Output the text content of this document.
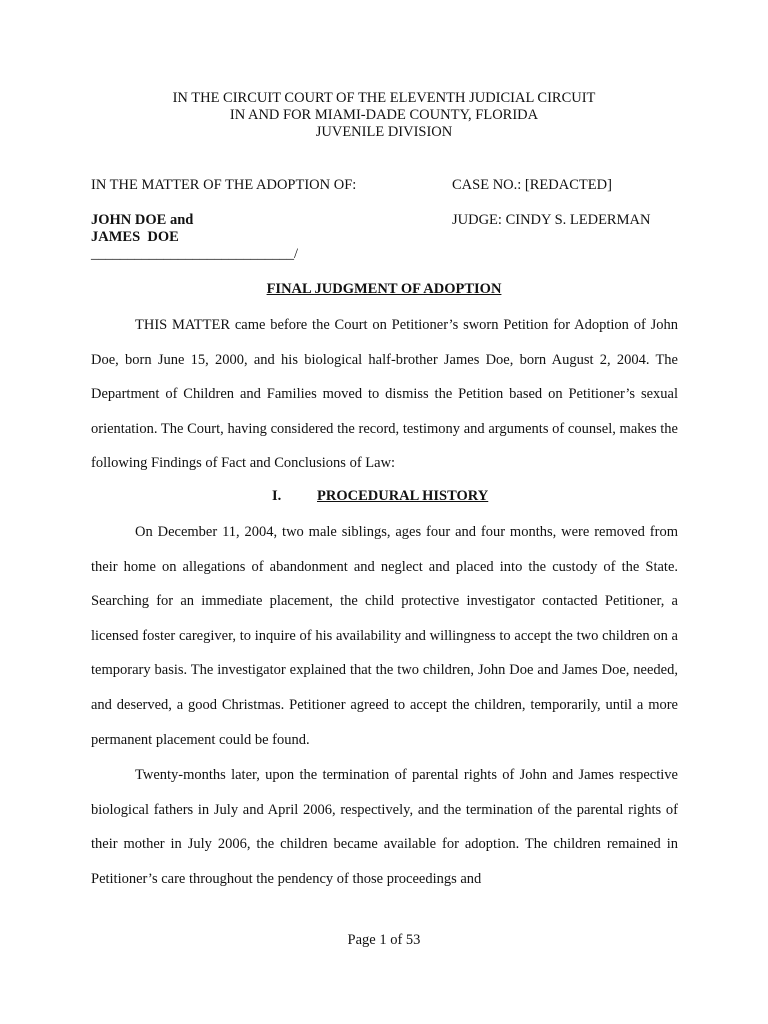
IN THE CIRCUIT COURT OF THE ELEVENTH JUDICIAL CIRCUIT
IN AND FOR MIAMI-DADE COUNTY, FLORIDA
JUVENILE DIVISION
IN THE MATTER OF THE ADOPTION OF:
JOHN DOE and
JAMES  DOE
____________________________/
CASE NO.: [REDACTED]
JUDGE: CINDY S. LEDERMAN
FINAL JUDGMENT OF ADOPTION

THIS MATTER came before the Court on Petitioner’s sworn Petition for Adoption of John Doe, born June 15, 2000, and his biological half-brother James Doe, born August 2, 2004. The Department of Children and Families moved to dismiss the Petition based on Petitioner’s sexual orientation. The Court, having considered the record, testimony and arguments of counsel, makes the following Findings of Fact and Conclusions of Law:

I. PROCEDURAL HISTORY

On December 11, 2004, two male siblings, ages four and four months, were removed from their home on allegations of abandonment and neglect and placed into the custody of the State. Searching for an immediate placement, the child protective investigator contacted Petitioner, a licensed foster caregiver, to inquire of his availability and willingness to accept the two children on a temporary basis. The investigator explained that the two children, John Doe and James Doe, needed, and deserved, a good Christmas. Petitioner agreed to accept the children, temporarily, until a more permanent placement could be found.

Twenty-months later, upon the termination of parental rights of John and James respective biological fathers in July and April 2006, respectively, and the termination of the parental rights of their mother in July 2006, the children became available for adoption. The children remained in Petitioner’s care throughout the pendency of those proceedings and

Page 1 of 53
